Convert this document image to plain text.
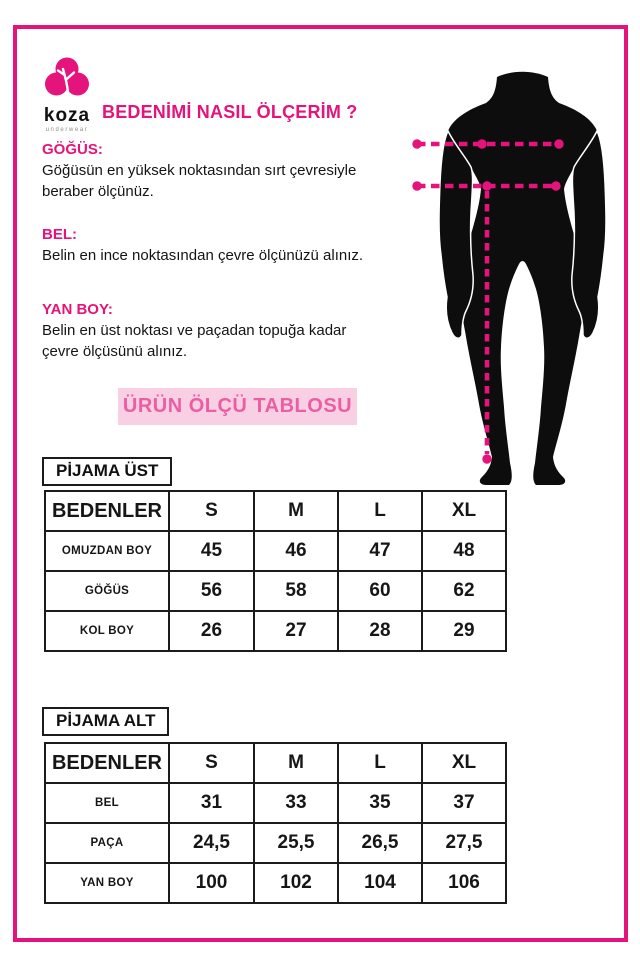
koza
underwear
BEDENİMİ NASIL ÖLÇERİM ?
GÖĞÜS:
Göğüsün en yüksek noktasından sırt çevresiyle beraber ölçünüz.
BEL:
Belin en ince noktasından çevre ölçünüzü alınız.
YAN BOY:
Belin en üst noktası ve paçadan topuğa kadar çevre ölçüsünü alınız.
ÜRÜN ÖLÇÜ TABLOSU
PİJAMA ÜST
BEDENLER	S	M	L	XL
OMUZDAN BOY	45	46	47	48
GÖĞÜS	56	58	60	62
KOL BOY	26	27	28	29
PİJAMA ALT
BEDENLER	S	M	L	XL
BEL	31	33	35	37
PAÇA	24,5	25,5	26,5	27,5
YAN BOY	100	102	104	106
